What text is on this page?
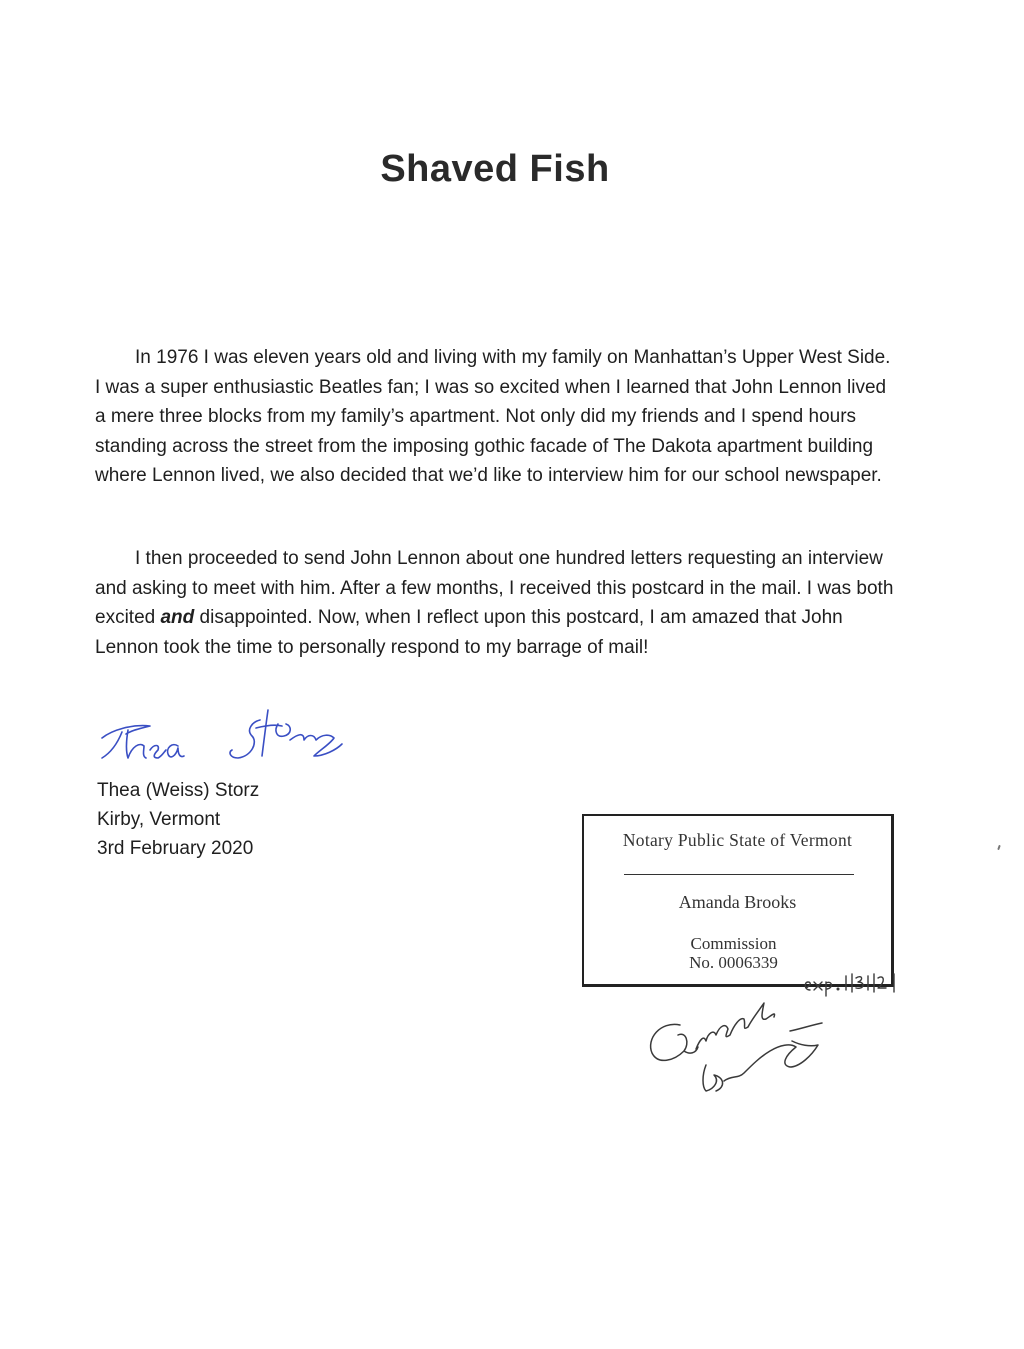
Shaved Fish

In 1976 I was eleven years old and living with my family on Manhattan’s Upper West Side. I was a super enthusiastic Beatles fan; I was so excited when I learned that John Lennon lived a mere three blocks from my family’s apartment. Not only did my friends and I spend hours standing across the street from the imposing gothic facade of The Dakota apartment building where Lennon lived, we also decided that we’d like to interview him for our school newspaper.

I then proceeded to send John Lennon about one hundred letters requesting an interview and asking to meet with him. After a few months, I received this postcard in the mail. I was both excited and disappointed. Now, when I reflect upon this postcard, I am amazed that John Lennon took the time to personally respond to my barrage of mail!

Thea (Weiss) Storz
Kirby, Vermont
3rd February 2020	Notary Public State of Vermont
Amanda Brooks
Commission
No. 0006339
